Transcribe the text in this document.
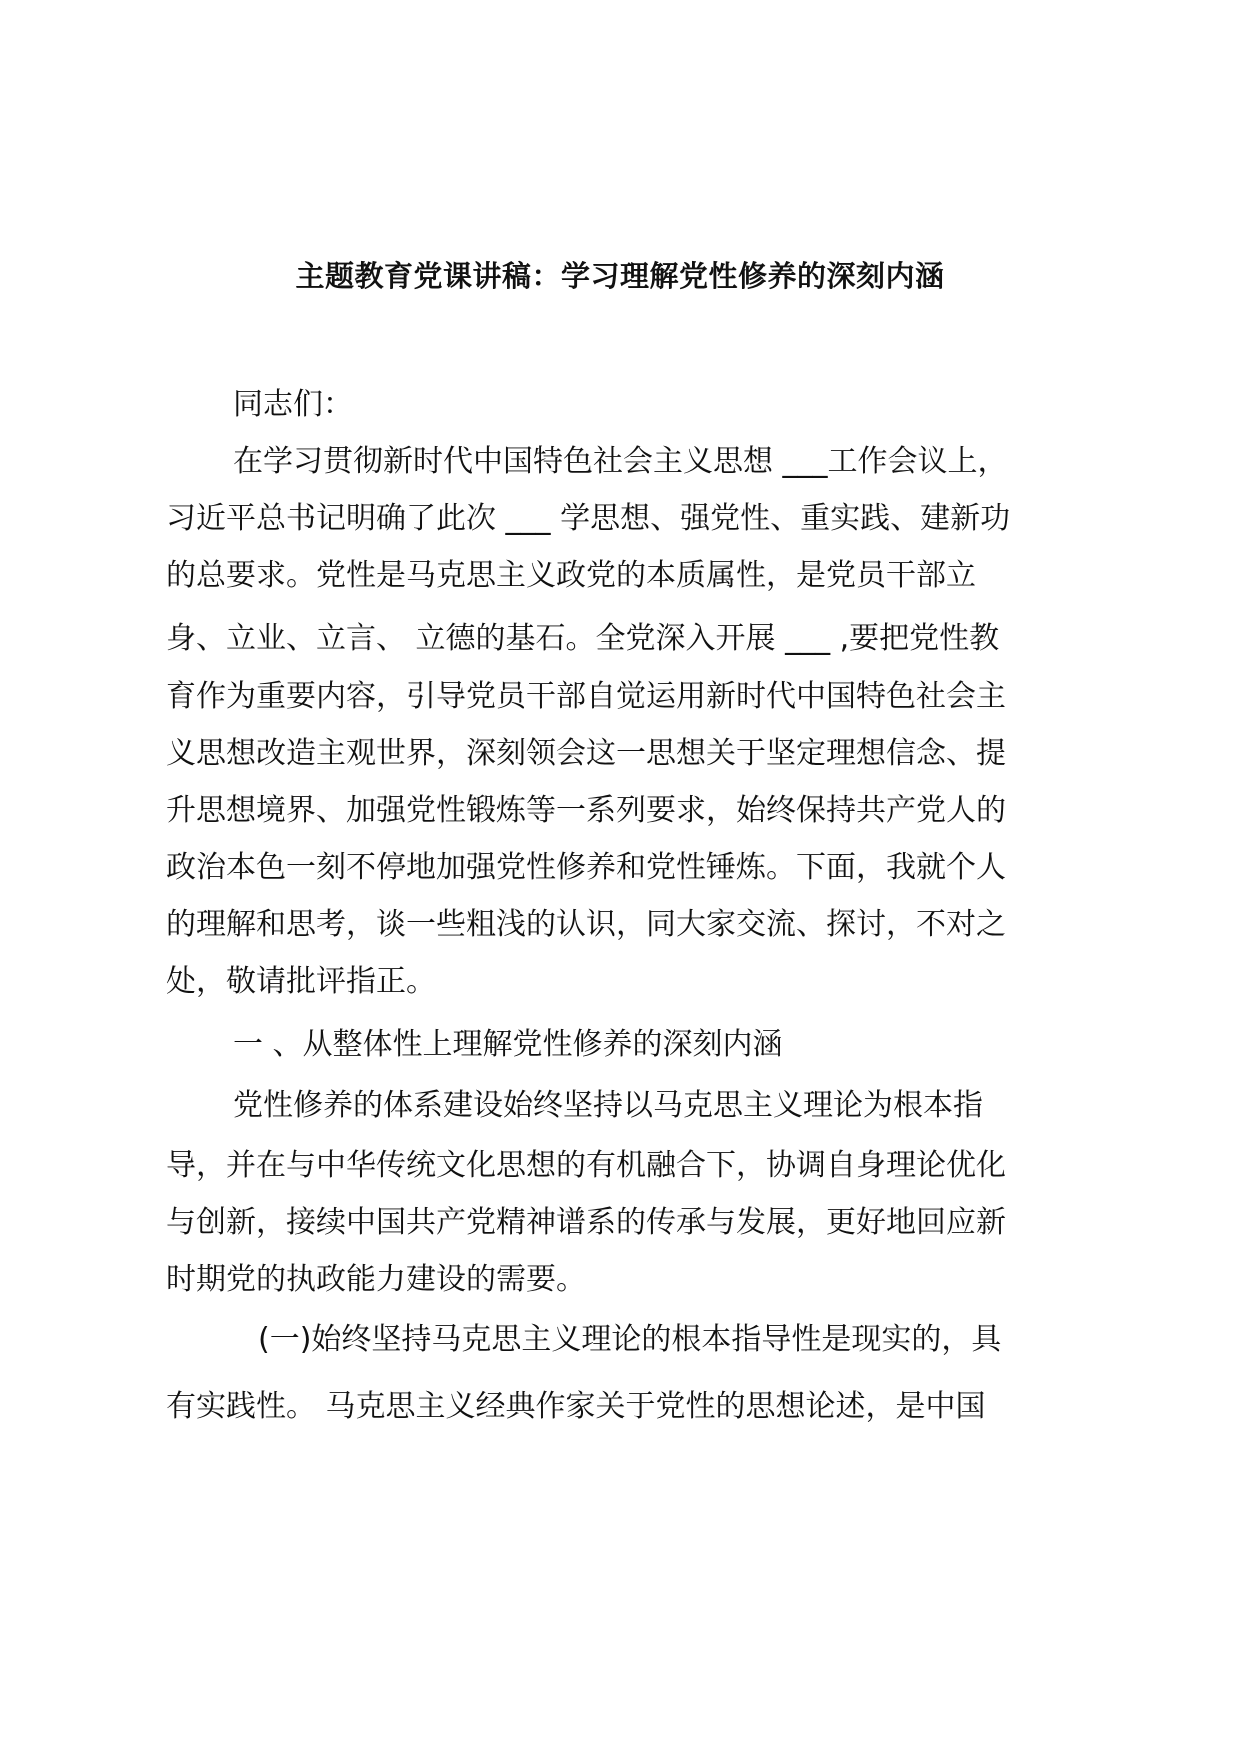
主题教育党课讲稿：学习理解党性修养的深刻内涵

同志们：

在学习贯彻新时代中国特色社会主义思想 ___工作会议上，

习近平总书记明确了此次 ___ 学思想、强党性、重实践、建新功

的总要求。党性是马克思主义政党的本质属性，是党员干部立

身、立业、立言、 立德的基石。全党深入开展 ___ ,要把党性教

育作为重要内容，引导党员干部自觉运用新时代中国特色社会主

义思想改造主观世界，深刻领会这一思想关于坚定理想信念、提

升思想境界、加强党性锻炼等一系列要求，始终保持共产党人的

政治本色一刻不停地加强党性修养和党性锤炼。下面，我就个人

的理解和思考，谈一些粗浅的认识，同大家交流、探讨，不对之

处，敬请批评指正。

一 、从整体性上理解党性修养的深刻内涵

党性修养的体系建设始终坚持以马克思主义理论为根本指

导，并在与中华传统文化思想的有机融合下，协调自身理论优化

与创新，接续中国共产党精神谱系的传承与发展，更好地回应新

时期党的执政能力建设的需要。

(一)始终坚持马克思主义理论的根本指导性是现实的，具

有实践性。 马克思主义经典作家关于党性的思想论述，是中国
